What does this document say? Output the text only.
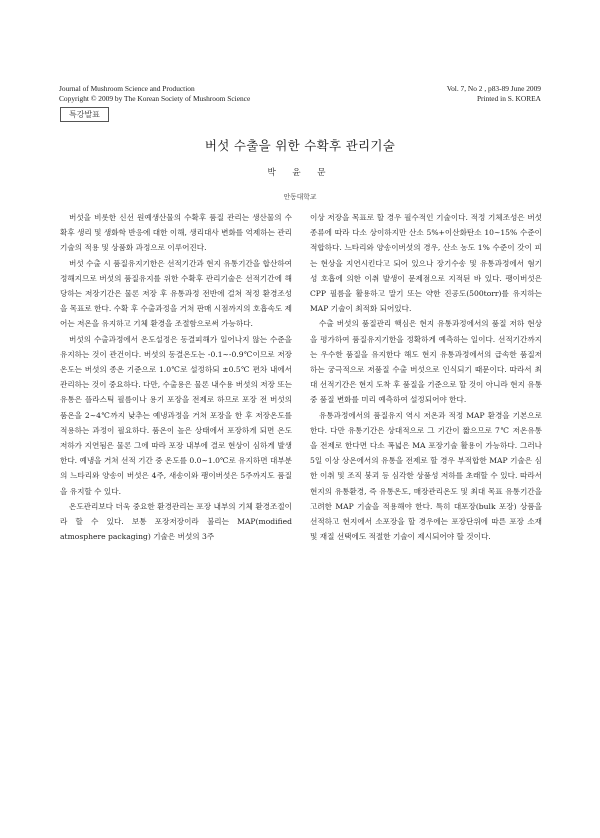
Journal of Mushroom Science and Production
Copyright © 2009 by The Korean Society of Mushroom Science
Vol. 7, No 2 , p83-89 June 2009
Printed in S. KOREA
특강발표
버섯 수출을 위한 수확후 관리기술
박 윤 문
안동대학교

버섯을 비롯한 신선 원예생산물의 수확후 품질 관리는 생산물의 수확후 생리 및 생화학 반응에 대한 이해, 생리대사 변화를 억제하는 관리기술의 적용 및 상품화 과정으로 이루어진다.

버섯 수출 시 품질유지기한은 선적기간과 현지 유통기간을 합산하여 정해지므로 버섯의 품질유지를 위한 수확후 관리기술은 선적기간에 해당하는 저장기간은 물론 저장 후 유통과정 전반에 걸쳐 적정 환경조성을 목표로 한다. 수확 후 수출과정을 거쳐 판매 시점까지의 호흡속도 제어는 저온을 유지하고 기체 환경을 조절함으로써 가능하다.

버섯의 수출과정에서 온도설정은 동결피해가 일어나지 않는 수준을 유지하는 것이 관건이다. 버섯의 동결온도는 -0.1∼-0.9℃이므로 저장온도는 버섯의 종온 기준으로 1.0℃로 설정하되 ±0.5℃ 편차 내에서 관리하는 것이 중요하다. 다만, 수출용은 물론 내수용 버섯의 저장 또는 유통은 플라스틱 필름이나 용기 포장을 전제로 하므로 포장 전 버섯의 품온을 2∼4℃까지 낮추는 예냉과정을 거쳐 포장을 한 후 저장온도를 적용하는 과정이 필요하다. 품온이 높은 상태에서 포장하게 되면 온도저하가 지연됨은 물론 그에 따라 포장 내부에 결로 현상이 심하게 발생한다. 예냉을 거쳐 선적 기간 중 온도를 0.0∼1.0℃로 유지하면 대부분의 느타리와 양송이 버섯은 4주, 새송이와 팽이버섯은 5주까지도 품질을 유지할 수 있다.

온도관리보다 더욱 중요한 환경관리는 포장 내부의 기체 환경조절이라 할 수 있다. 보통 포장저장이라 불리는 MAP(modified atmosphere packaging) 기술은 버섯의 3주

이상 저장을 목표로 할 경우 필수적인 기술이다. 적정 기체조성은 버섯 종류에 따라 다소 상이하지만 산소 5%+이산화탄소 10∼15% 수준이 적합하다. 느타리와 양송이버섯의 경우, 산소 농도 1% 수준이 갓이 피는 현상을 지연시킨다고 되어 있으나 장기수송 및 유통과정에서 혐기성 호흡에 의한 이취 발생이 문제점으로 지적된 바 있다. 팽이버섯은 CPP 필름을 활용하고 말기 또는 약한 진공도(500torr)를 유지하는 MAP 기술이 최적화 되어있다.

수출 버섯의 품질관리 핵심은 현지 유통과정에서의 품질 저하 현상을 평가하여 품질유지기한을 정확하게 예측하는 일이다. 선적기간까지는 우수한 품질을 유지한다 해도 현지 유통과정에서의 급속한 품질저하는 궁극적으로 저품질 수출 버섯으로 인식되기 때문이다. 따라서 최대 선적기간은 현지 도착 후 품질을 기준으로 할 것이 아니라 현지 유통 중 품질 변화를 미리 예측하여 설정되어야 한다.

유통과정에서의 품질유지 역시 저온과 적정 MAP 환경을 기본으로 한다. 다만 유통기간은 상대적으로 그 기간이 짧으므로 7℃ 저온유통을 전제로 한다면 다소 폭넓은 MA 포장기술 활용이 가능하다. 그러나 5일 이상 상온에서의 유통을 전제로 할 경우 부적합한 MAP 기술은 심한 이취 및 조직 붕괴 등 심각한 상품성 저하를 초래할 수 있다. 따라서 현지의 유통환경, 즉 유통온도, 매장관리온도 및 최대 목표 유통기간을 고려한 MAP 기술을 적용해야 한다. 특히 대포장(bulk 포장) 상품을 선적하고 현지에서 소포장을 할 경우에는 포장단위에 따른 포장 소재 및 재질 선택에도 적절한 기술이 제시되어야 할 것이다.
